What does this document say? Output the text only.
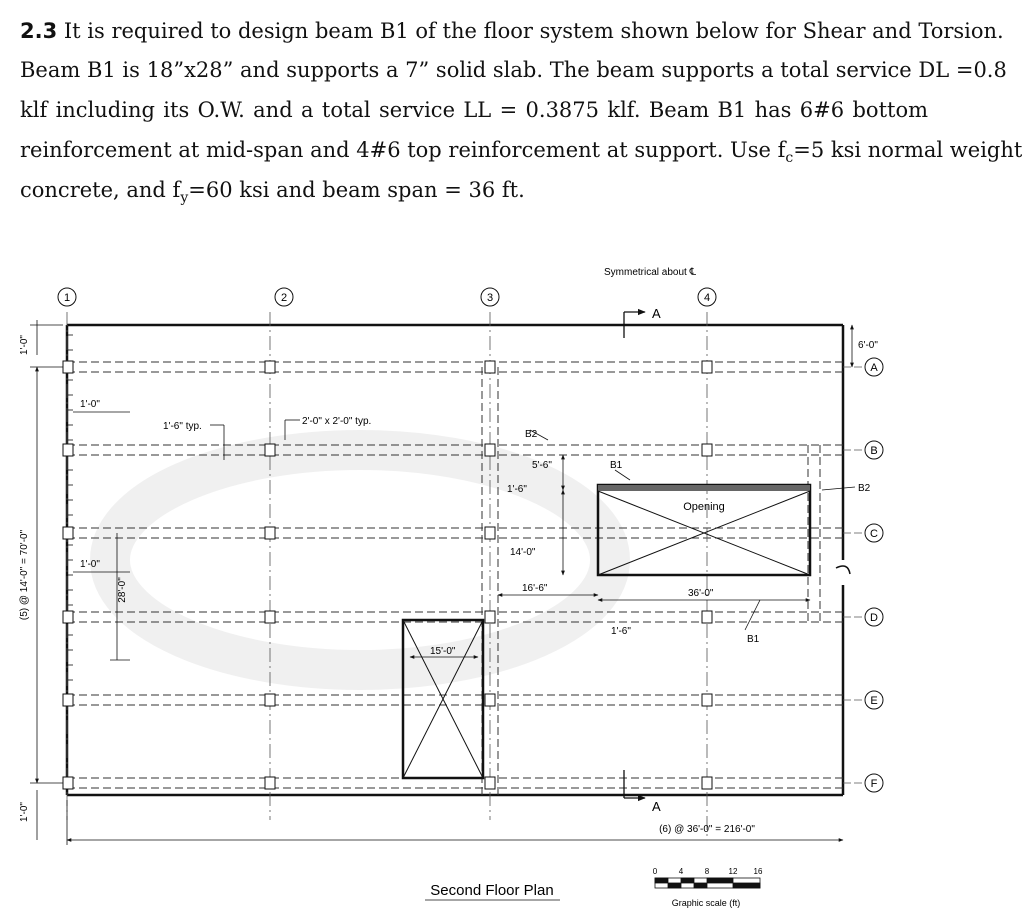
2.3 It is required to design beam B1 of the floor system shown below for Shear and Torsion.
Beam B1 is 18”x28” and supports a 7” solid slab. The beam supports a total service DL =0.8
klf including its O.W. and a total service LL = 0.3875 klf. Beam B1 has 6#6 bottom
reinforcement at mid-span and 4#6 top reinforcement at support. Use $f_c=5$ ksi normal weight
concrete, and $f_y=60$ ksi and beam span = 36 ft.
A
A
1	2	3	4
A
B
C
D
E
F
Symmetrical about ℄
1'-0"
(5) @ 14'-0" = 70'-0"
1'-0"
28'-0"
1'-0"
1'-0"
1'-6" typ.	2'-0" x 2'-0" typ.
B2
5'-6"
1'-6"
14'-0"
16'-6"
15'-0"
1'-6"
36'-0"
B1
B1
B2
Opening
6'-0"
(6) @ 36'-0" = 216'-0"
Second Floor Plan
0	4	8 12 16
Graphic scale (ft)
